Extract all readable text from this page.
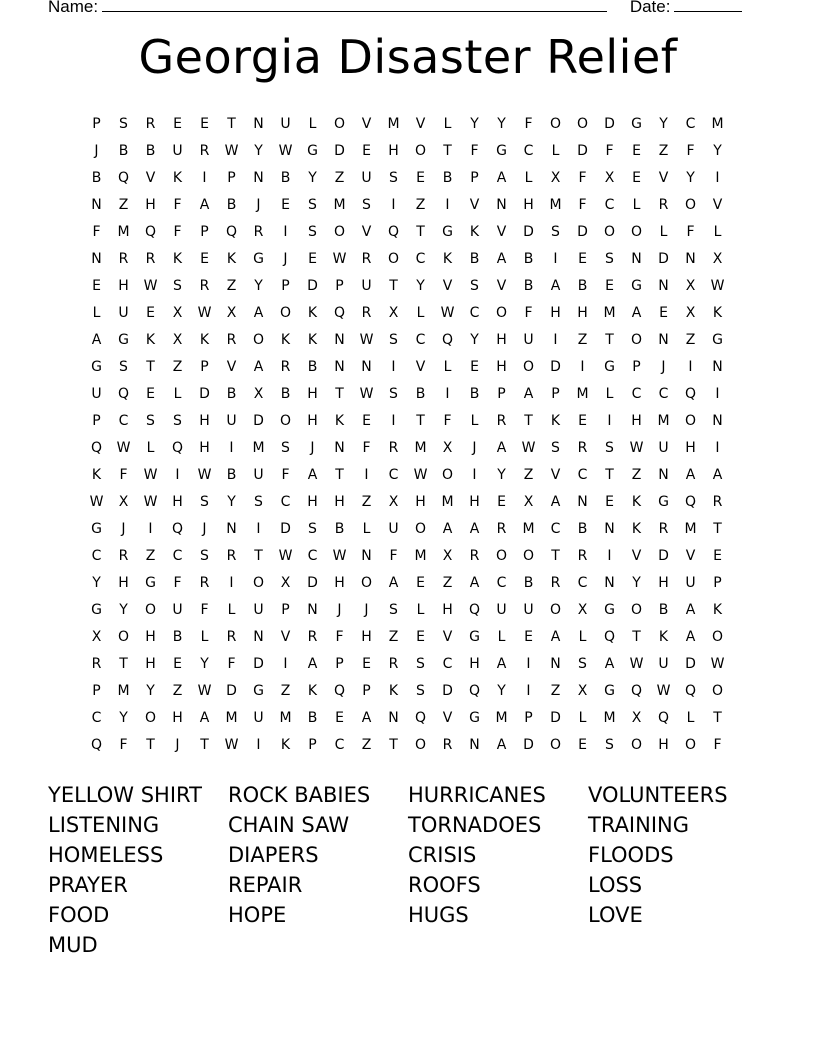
Name:	Date:
Georgia Disaster Relief
P	S	R	E	E	T	N	U	L	O	V	M	V	L	Y	Y	F	O	O	D	G	Y	C	M
J	B	B	U	R	W	Y	W	G	D	E	H	O	T	F	G	C	L	D	F	E	Z	F	Y
B	Q	V	K	I	P	N	B	Y	Z	U	S	E	B	P	A	L	X	F	X	E	V	Y	I
N	Z	H	F	A	B	J	E	S	M	S	I	Z	I	V	N	H	M	F	C	L	R	O	V
F	M	Q	F	P	Q	R	I	S	O	V	Q	T	G	K	V	D	S	D	O	O	L	F	L
N	R	R	K	E	K	G	J	E	W	R	O	C	K	B	A	B	I	E	S	N	D	N	X
E	H	W	S	R	Z	Y	P	D	P	U	T	Y	V	S	V	B	A	B	E	G	N	X	W
L	U	E	X	W	X	A	O	K	Q	R	X	L	W	C	O	F	H	H	M	A	E	X	K
A	G	K	X	K	R	O	K	K	N	W	S	C	Q	Y	H	U	I	Z	T	O	N	Z	G
G	S	T	Z	P	V	A	R	B	N	N	I	V	L	E	H	O	D	I	G	P	J	I	N
U	Q	E	L	D	B	X	B	H	T	W	S	B	I	B	P	A	P	M	L	C	C	Q	I
P	C	S	S	H	U	D	O	H	K	E	I	T	F	L	R	T	K	E	I	H	M	O	N
Q	W	L	Q	H	I	M	S	J	N	F	R	M	X	J	A	W	S	R	S	W	U	H	I
K	F	W	I	W	B	U	F	A	T	I	C	W	O	I	Y	Z	V	C	T	Z	N	A	A
W	X	W	H	S	Y	S	C	H	H	Z	X	H	M	H	E	X	A	N	E	K	G	Q	R
G	J	I	Q	J	N	I	D	S	B	L	U	O	A	A	R	M	C	B	N	K	R	M	T
C	R	Z	C	S	R	T	W	C	W	N	F	M	X	R	O	O	T	R	I	V	D	V	E
Y	H	G	F	R	I	O	X	D	H	O	A	E	Z	A	C	B	R	C	N	Y	H	U	P
G	Y	O	U	F	L	U	P	N	J	J	S	L	H	Q	U	U	O	X	G	O	B	A	K
X	O	H	B	L	R	N	V	R	F	H	Z	E	V	G	L	E	A	L	Q	T	K	A	O
R	T	H	E	Y	F	D	I	A	P	E	R	S	C	H	A	I	N	S	A	W	U	D	W
P	M	Y	Z	W	D	G	Z	K	Q	P	K	S	D	Q	Y	I	Z	X	G	Q	W	Q	O
C	Y	O	H	A	M	U	M	B	E	A	N	Q	V	G	M	P	D	L	M	X	Q	L	T
Q	F	T	J	T	W	I	K	P	C	Z	T	O	R	N	A	D	O	E	S	O	H	O	F
YELLOW SHIRT	ROCK BABIES	HURRICANES	VOLUNTEERS
LISTENING	CHAIN SAW	TORNADOES	TRAINING
HOMELESS	DIAPERS	CRISIS	FLOODS
PRAYER	REPAIR	ROOFS	LOSS
FOOD	HOPE	HUGS	LOVE
MUD
